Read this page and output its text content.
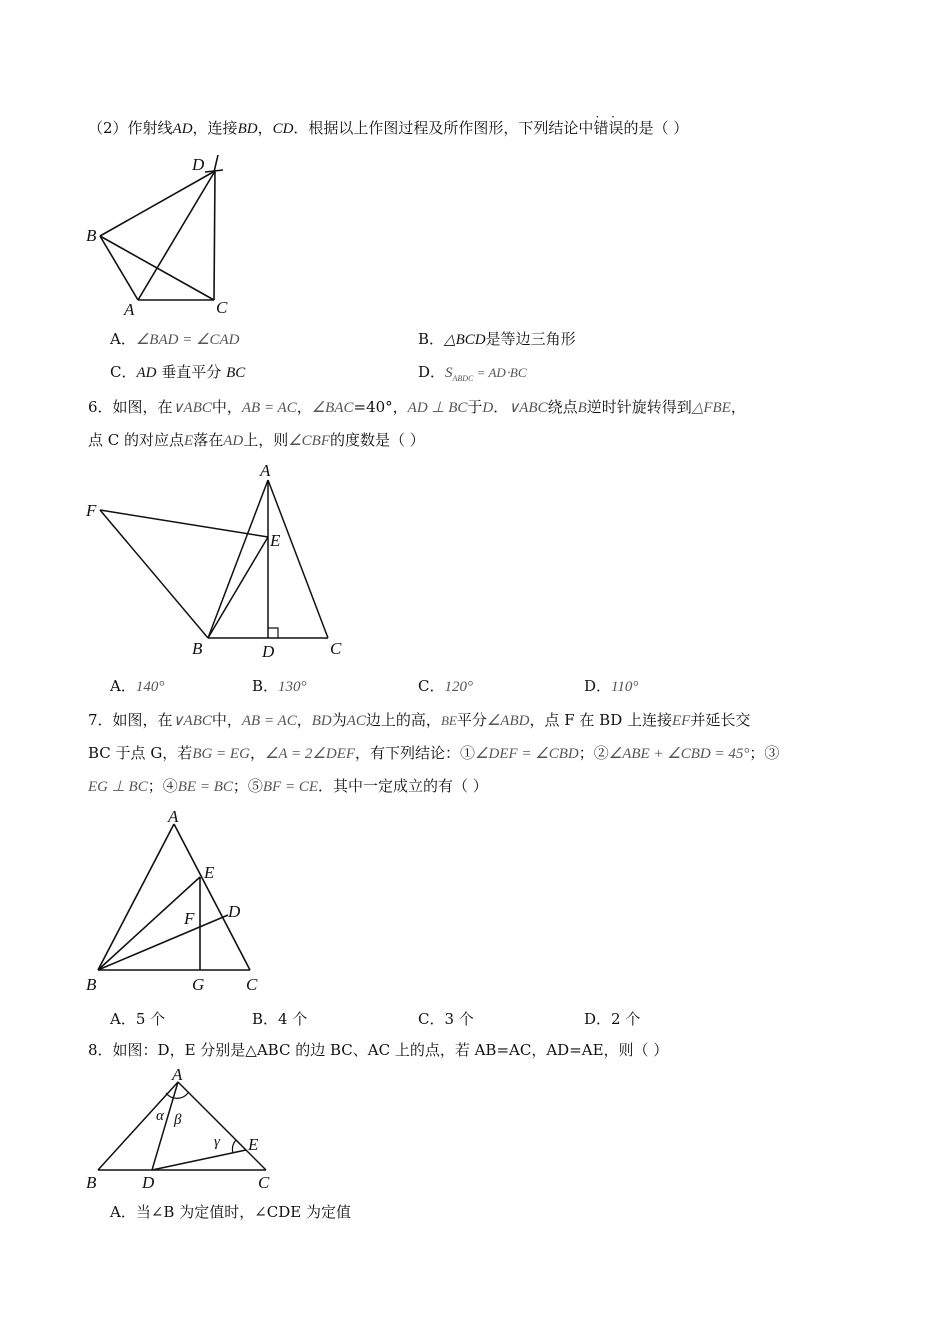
（2）作射线AD，连接BD，CD．根据以上作图过程及所作图形，下列结论中错误 · ·的是（ ）
D
B
A	C
A．∠BAD = ∠CAD	B．△BCD是等边三角形
C．AD 垂直平分 BC	D．$S_{ABDC} = AD\cdot BC$
6．如图，在∨ABC中，AB = AC，∠BAC=40°，AD ⊥ BC于D．∨ABC绕点B逆时针旋转得到△FBE，
点 C 的对应点E落在AD上，则∠CBF的度数是（ ）
A
F
E
B	D	C
A．140°	B．130°	C．120°	D．110°
7．如图，在∨ABC中，AB = AC，BD为AC边上的高，BE平分∠ABD，点 F 在 BD 上连接EF并延长交
BC 于点 G，若BG = EG，∠A = 2∠DEF，有下列结论：①∠DEF = ∠CBD；②∠ABE + ∠CBD = 45°；③
EG ⊥ BC；④BE = BC；⑤BF = CE．其中一定成立的有（ ）
A
E
D
F
B	G C
A．5 个	B．4 个	C．3 个	D．2 个
8．如图：D，E 分别是△ABC 的边 BC、AC 上的点，若 AB=AC，AD=AE，则（ ）
A
α β
γ E
B	D	C
A．当∠B 为定值时，∠CDE 为定值
